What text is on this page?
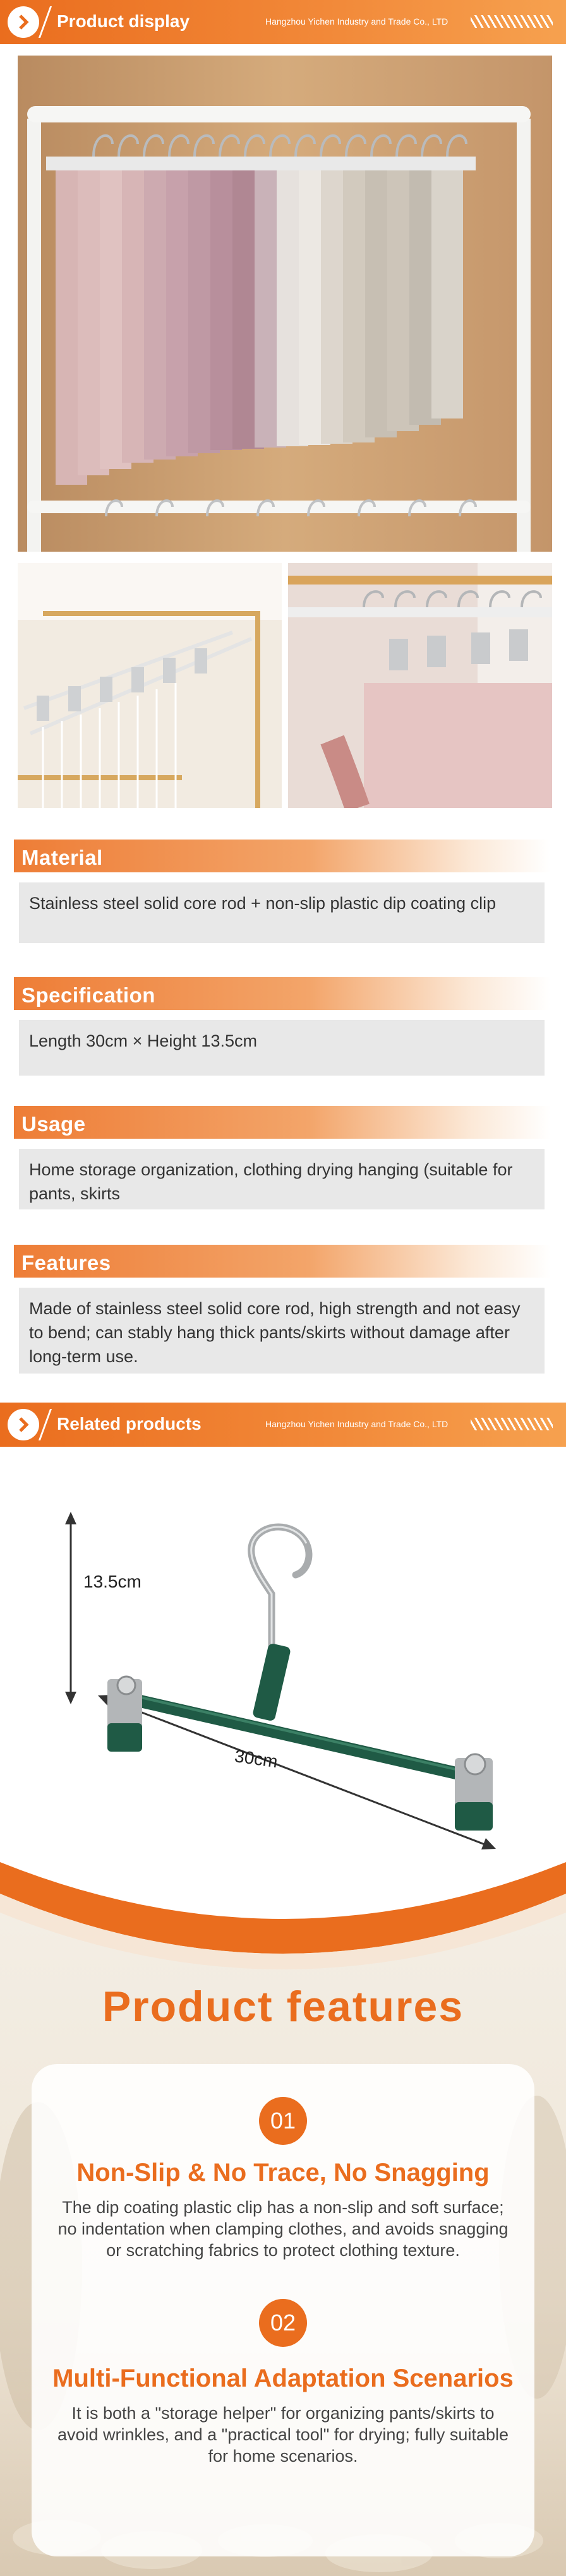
Product display	Hangzhou Yichen Industry and Trade Co., LTD
Material
Stainless steel solid core rod + non-slip plastic dip coating clip
Specification
Length 30cm × Height 13.5cm
Usage
Home storage organization, clothing drying hanging (suitable for pants, skirts
Features
Made of stainless steel solid core rod, high strength and not easy to bend; can stably hang thick pants/skirts without damage after long-term use.
Related products	Hangzhou Yichen Industry and Trade Co., LTD
13.5cm
30cm
Product features
01
Non-Slip & No Trace, No Snagging
The dip coating plastic clip has a non-slip and soft surface; no indentation when clamping clothes, and avoids snagging or scratching fabrics to protect clothing texture.
02
Multi-Functional Adaptation Scenarios
It is both a "storage helper" for organizing pants/skirts to avoid wrinkles, and a "practical tool" for drying; fully suitable for home scenarios.
